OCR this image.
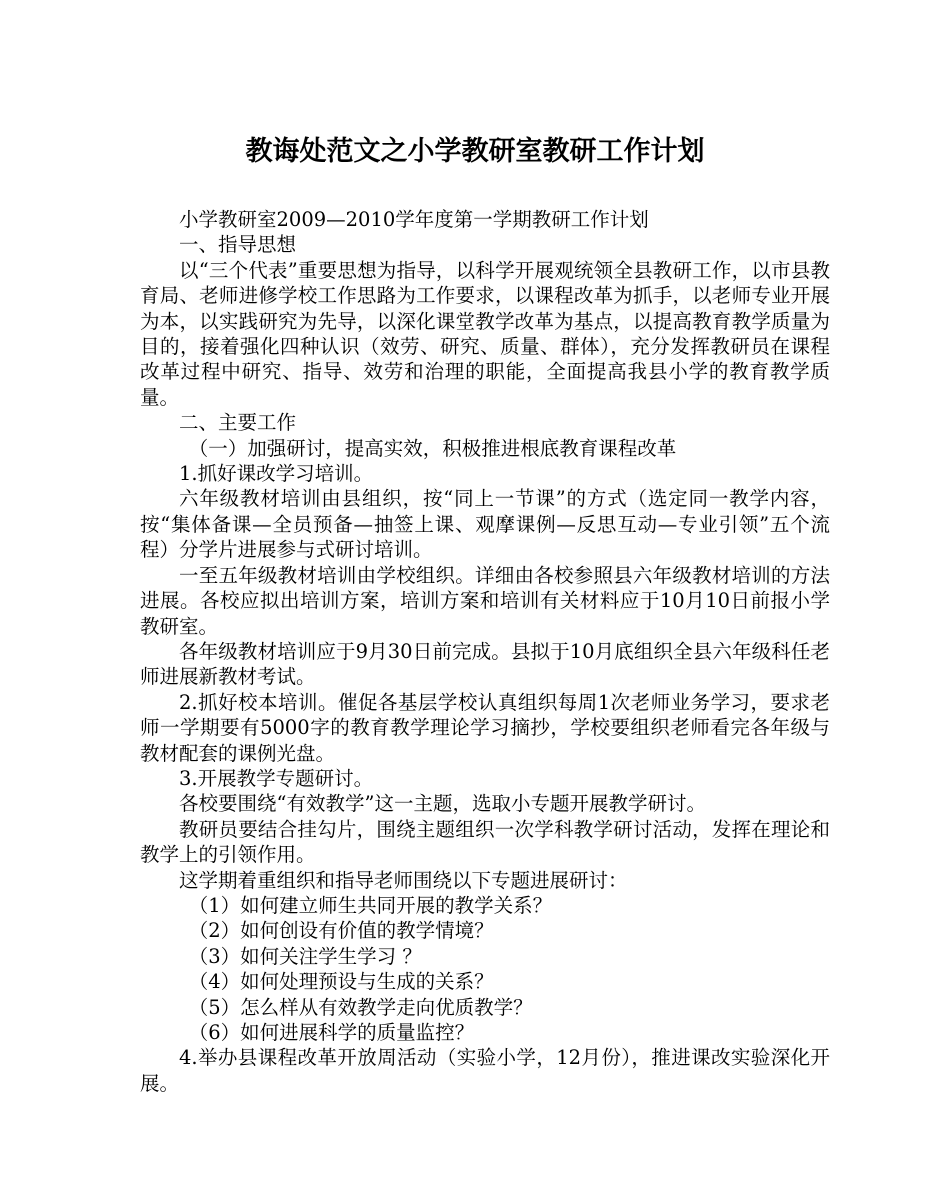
教诲处范文之小学教研室教研工作计划

小学教研室2009—2010学年度第一学期教研工作计划

一、指导思想

以“三个代表”重要思想为指导，以科学开展观统领全县教研工作，以市县教育局、老师进修学校工作思路为工作要求，以课程改革为抓手，以老师专业开展为本，以实践研究为先导，以深化课堂教学改革为基点，以提高教育教学质量为目的，接着强化四种认识（效劳、研究、质量、群体），充分发挥教研员在课程改革过程中研究、指导、效劳和治理的职能，全面提高我县小学的教育教学质量。

二、主要工作

（一）加强研讨，提高实效，积极推进根底教育课程改革

1.抓好课改学习培训。

六年级教材培训由县组织，按“同上一节课”的方式（选定同一教学内容，按“集体备课—全员预备—抽签上课、观摩课例—反思互动—专业引领”五个流程）分学片进展参与式研讨培训。

一至五年级教材培训由学校组织。详细由各校参照县六年级教材培训的方法进展。各校应拟出培训方案，培训方案和培训有关材料应于10月10日前报小学教研室。

各年级教材培训应于9月30日前完成。县拟于10月底组织全县六年级科任老师进展新教材考试。

2.抓好校本培训。催促各基层学校认真组织每周1次老师业务学习，要求老师一学期要有5000字的教育教学理论学习摘抄，学校要组织老师看完各年级与教材配套的课例光盘。

3.开展教学专题研讨。

各校要围绕“有效教学”这一主题，选取小专题开展教学研讨。

教研员要结合挂勾片，围绕主题组织一次学科教学研讨活动，发挥在理论和教学上的引领作用。

这学期着重组织和指导老师围绕以下专题进展研讨：

（1）如何建立师生共同开展的教学关系？

（2）如何创设有价值的教学情境？

（3）如何关注学生学习 ？

（4）如何处理预设与生成的关系？

（5）怎么样从有效教学走向优质教学？

（6）如何进展科学的质量监控？

4.举办县课程改革开放周活动（实验小学，12月份），推进课改实验深化开展。
